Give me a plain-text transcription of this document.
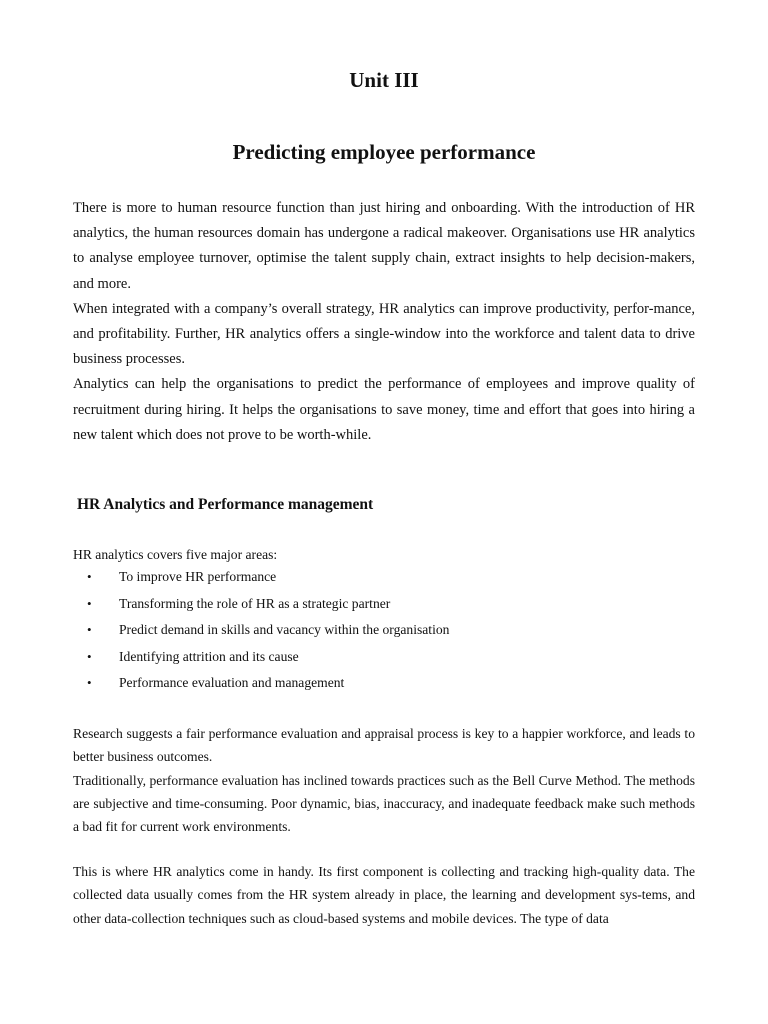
Unit III
Predicting employee performance

There is more to human resource function than just hiring and onboarding. With the introduction of HR analytics, the human resources domain has undergone a radical makeover. Organisations use HR analytics to analyse employee turnover, optimise the talent supply chain, extract insights to help decision-makers, and more.

When integrated with a company’s overall strategy, HR analytics can improve productivity, perfor-mance, and profitability. Further, HR analytics offers a single-window into the workforce and talent data to drive business processes.

Analytics can help the organisations to predict the performance of employees and improve quality of recruitment during hiring. It helps the organisations to save money, time and effort that goes into hiring a new talent which does not prove to be worth-while.

HR Analytics and Performance management

HR analytics covers five major areas:

• To improve HR performance
• Transforming the role of HR as a strategic partner
• Predict demand in skills and vacancy within the organisation
• Identifying attrition and its cause
• Performance evaluation and management

Research suggests a fair performance evaluation and appraisal process is key to a happier workforce, and leads to better business outcomes.

Traditionally, performance evaluation has inclined towards practices such as the Bell Curve Method. The methods are subjective and time-consuming. Poor dynamic, bias, inaccuracy, and inadequate feedback make such methods a bad fit for current work environments.

This is where HR analytics come in handy. Its first component is collecting and tracking high-quality data. The collected data usually comes from the HR system already in place, the learning and development sys-tems, and other data-collection techniques such as cloud-based systems and mobile devices. The type of data
